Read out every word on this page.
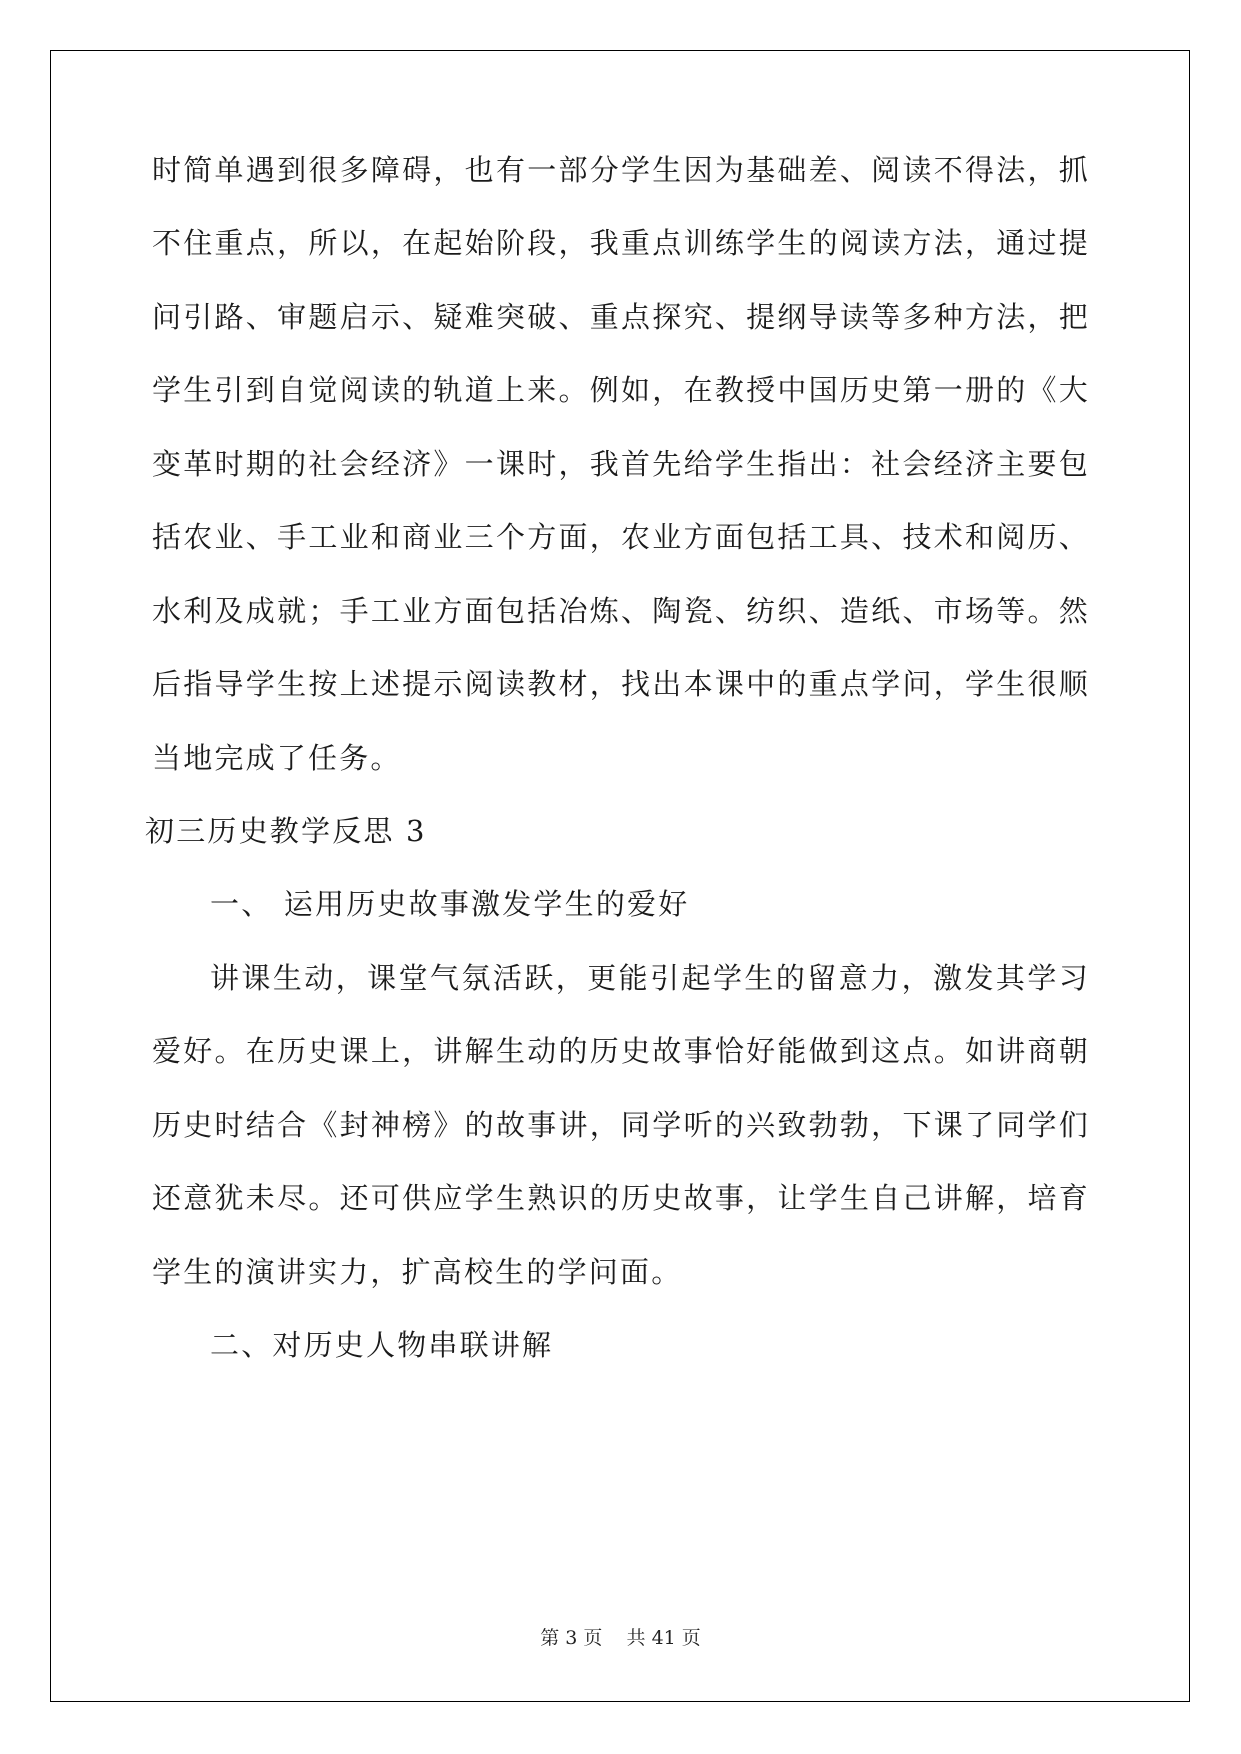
时简单遇到很多障碍，也有一部分学生因为基础差、阅读不得法，抓
不住重点，所以，在起始阶段，我重点训练学生的阅读方法，通过提
问引路、审题启示、疑难突破、重点探究、提纲导读等多种方法，把
学生引到自觉阅读的轨道上来。例如，在教授中国历史第一册的《大
变革时期的社会经济》一课时，我首先给学生指出：社会经济主要包
括农业、手工业和商业三个方面，农业方面包括工具、技术和阅历、
水利及成就；手工业方面包括冶炼、陶瓷、纺织、造纸、市场等。然
后指导学生按上述提示阅读教材，找出本课中的重点学问，学生很顺
当地完成了任务。
初三历史教学反思 3
一、 运用历史故事激发学生的爱好
讲课生动，课堂气氛活跃，更能引起学生的留意力，激发其学习
爱好。在历史课上，讲解生动的历史故事恰好能做到这点。如讲商朝
历史时结合《封神榜》的故事讲，同学听的兴致勃勃，下课了同学们
还意犹未尽。还可供应学生熟识的历史故事，让学生自己讲解，培育
学生的演讲实力，扩高校生的学问面。
二、对历史人物串联讲解
第 3 页    共 41 页
